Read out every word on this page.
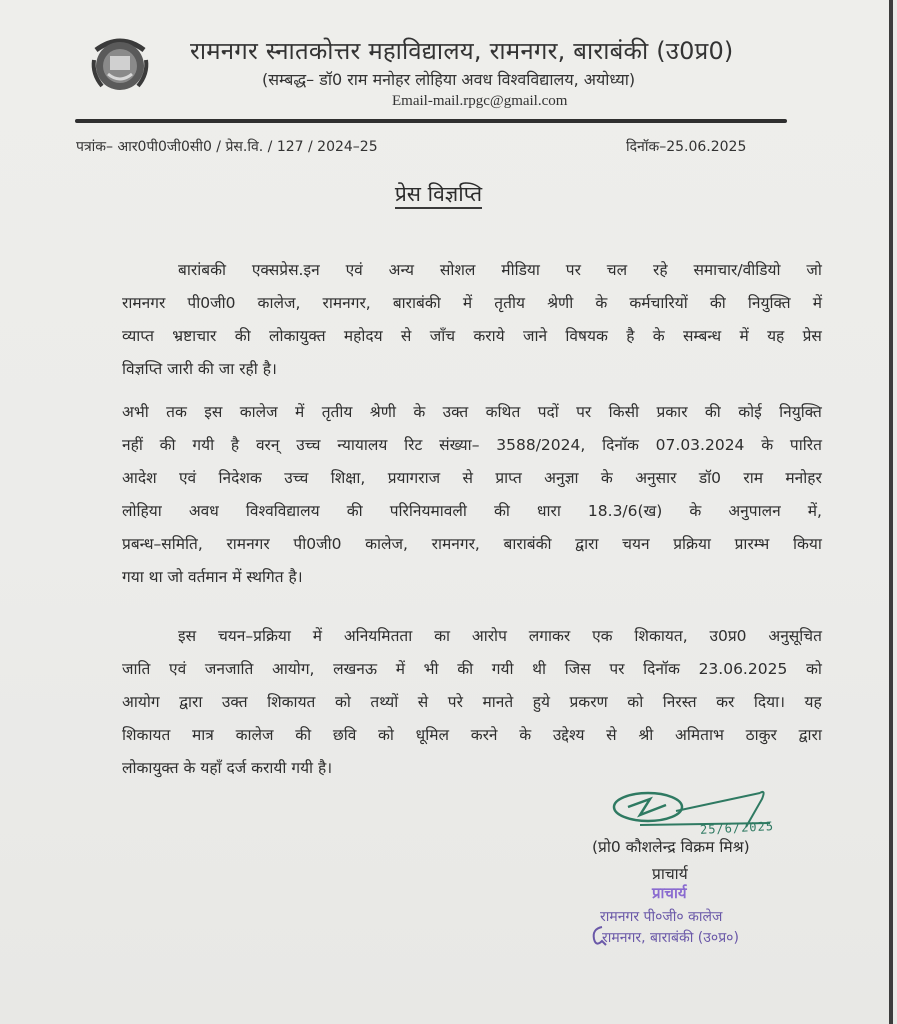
रामनगर स्नातकोत्तर महाविद्यालय, रामनगर, बाराबंकी (उ0प्र0)
(सम्बद्ध– डॉ0 राम मनोहर लोहिया अवध विश्वविद्यालय, अयोध्या)
Email-mail.rpgc@gmail.com
पत्रांक– आर0पी0जी0सी0 / प्रेस.वि. / 127 / 2024–25	दिनॉक–25.06.2025
प्रेस विज्ञप्ति
बारांबकी एक्सप्रेस.इन एवं अन्य सोशल मीडिया पर चल रहे समाचार/वीडियो जो
रामनगर पी0जी0 कालेज, रामनगर, बाराबंकी में तृतीय श्रेणी के कर्मचारियों की नियुक्ति में
व्याप्त भ्रष्टाचार की लोकायुक्त महोदय से जॉंच कराये जाने विषयक है के सम्बन्ध में यह प्रेस
विज्ञप्ति जारी की जा रही है।
अभी तक इस कालेज में तृतीय श्रेणी के उक्त कथित पदों पर किसी प्रकार की कोई नियुक्ति
नहीं की गयी है वरन् उच्च न्यायालय रिट संख्या– 3588/2024, दिनॉक 07.03.2024 के पारित
आदेश एवं निदेशक उच्च शिक्षा, प्रयागराज से प्राप्त अनुज्ञा के अनुसार डॉ0 राम मनोहर
लोहिया अवध विश्वविद्यालय की परिनियमावली की धारा 18.3/6(ख) के अनुपालन में,
प्रबन्ध–समिति, रामनगर पी0जी0 कालेज, रामनगर, बाराबंकी द्वारा चयन प्रक्रिया प्रारम्भ किया
गया था जो वर्तमान में स्थगित है।
इस चयन–प्रक्रिया में अनियमितता का आरोप लगाकर एक शिकायत, उ0प्र0 अनुसूचित
जाति एवं जनजाति आयोग, लखनऊ में भी की गयी थी जिस पर दिनॉक 23.06.2025 को
आयोग द्वारा उक्त शिकायत को तथ्यों से परे मानते हुये प्रकरण को निरस्त कर दिया। यह
शिकायत मात्र कालेज की छवि को धूमिल करने के उद्देश्य से श्री अमिताभ ठाकुर द्वारा
लोकायुक्त के यहॉं दर्ज करायी गयी है।
25/6/2025
(प्रो0 कौशलेन्द्र विक्रम मिश्र)
प्राचार्य
प्राचार्य
रामनगर पी०जी० कालेज
रामनगर, बाराबंकी (उ०प्र०)
